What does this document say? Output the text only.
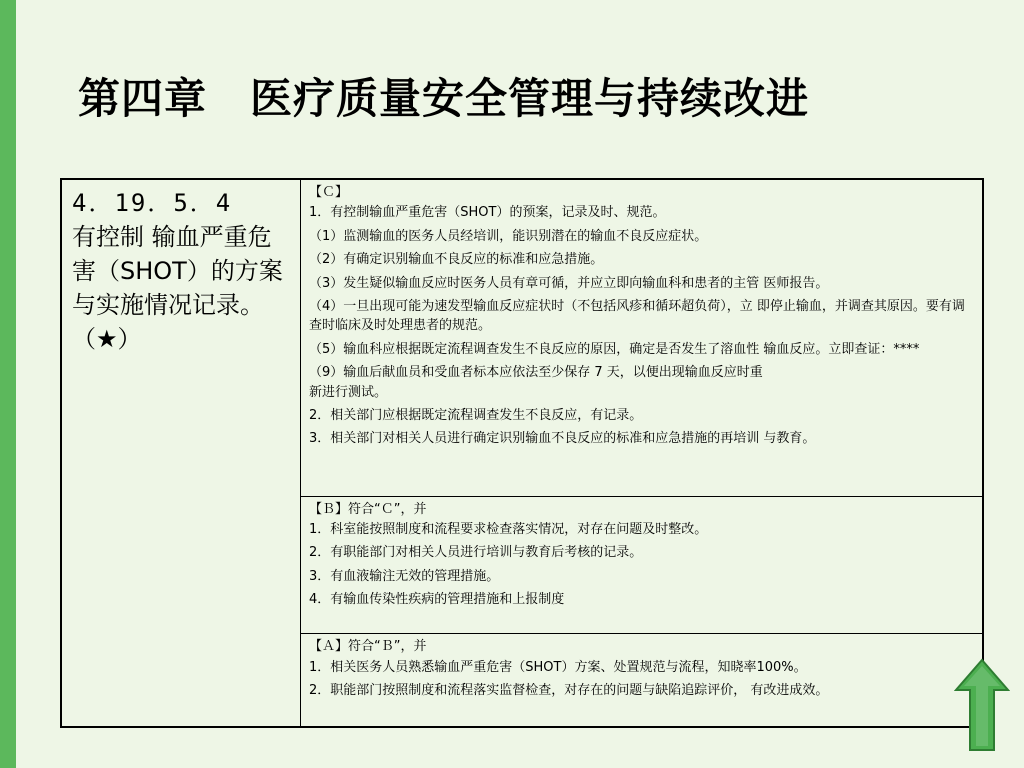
第四章　医疗质量安全管理与持续改进
4．19．5．4
有控制 输血严重危害（SHOT）的方案与实施情况记录。
（★）

【Ｃ】

1．有控制输血严重危害（SHOT）的预案，记录及时、规范。

（1）监测输血的医务人员经培训，能识别潜在的输血不良反应症状。

（2）有确定识别输血不良反应的标准和应急措施。

（3）发生疑似输血反应时医务人员有章可循，并应立即向输血科和患者的主管 医师报告。

（4）一旦出现可能为速发型输血反应症状时（不包括风疹和循环超负荷），立 即停止输血，并调查其原因。要有调查时临床及时处理患者的规范。

（5）输血科应根据既定流程调查发生不良反应的原因，确定是否发生了溶血性 输血反应。立即查证：****

（9）输血后献血员和受血者标本应依法至少保存 7 天，以便出现输血反应时重

新进行测试。

2．相关部门应根据既定流程调查发生不良反应，有记录。

3．相关部门对相关人员进行确定识别输血不良反应的标准和应急措施的再培训 与教育。

【Ｂ】符合“Ｃ”，并

1．科室能按照制度和流程要求检查落实情况，对存在问题及时整改。

2．有职能部门对相关人员进行培训与教育后考核的记录。

3．有血液输注无效的管理措施。

4．有输血传染性疾病的管理措施和上报制度

【Ａ】符合“Ｂ”，并

1．相关医务人员熟悉输血严重危害（SHOT）方案、处置规范与流程，知晓率100%。

2．职能部门按照制度和流程落实监督检查，对存在的问题与缺陷追踪评价， 有改进成效。
